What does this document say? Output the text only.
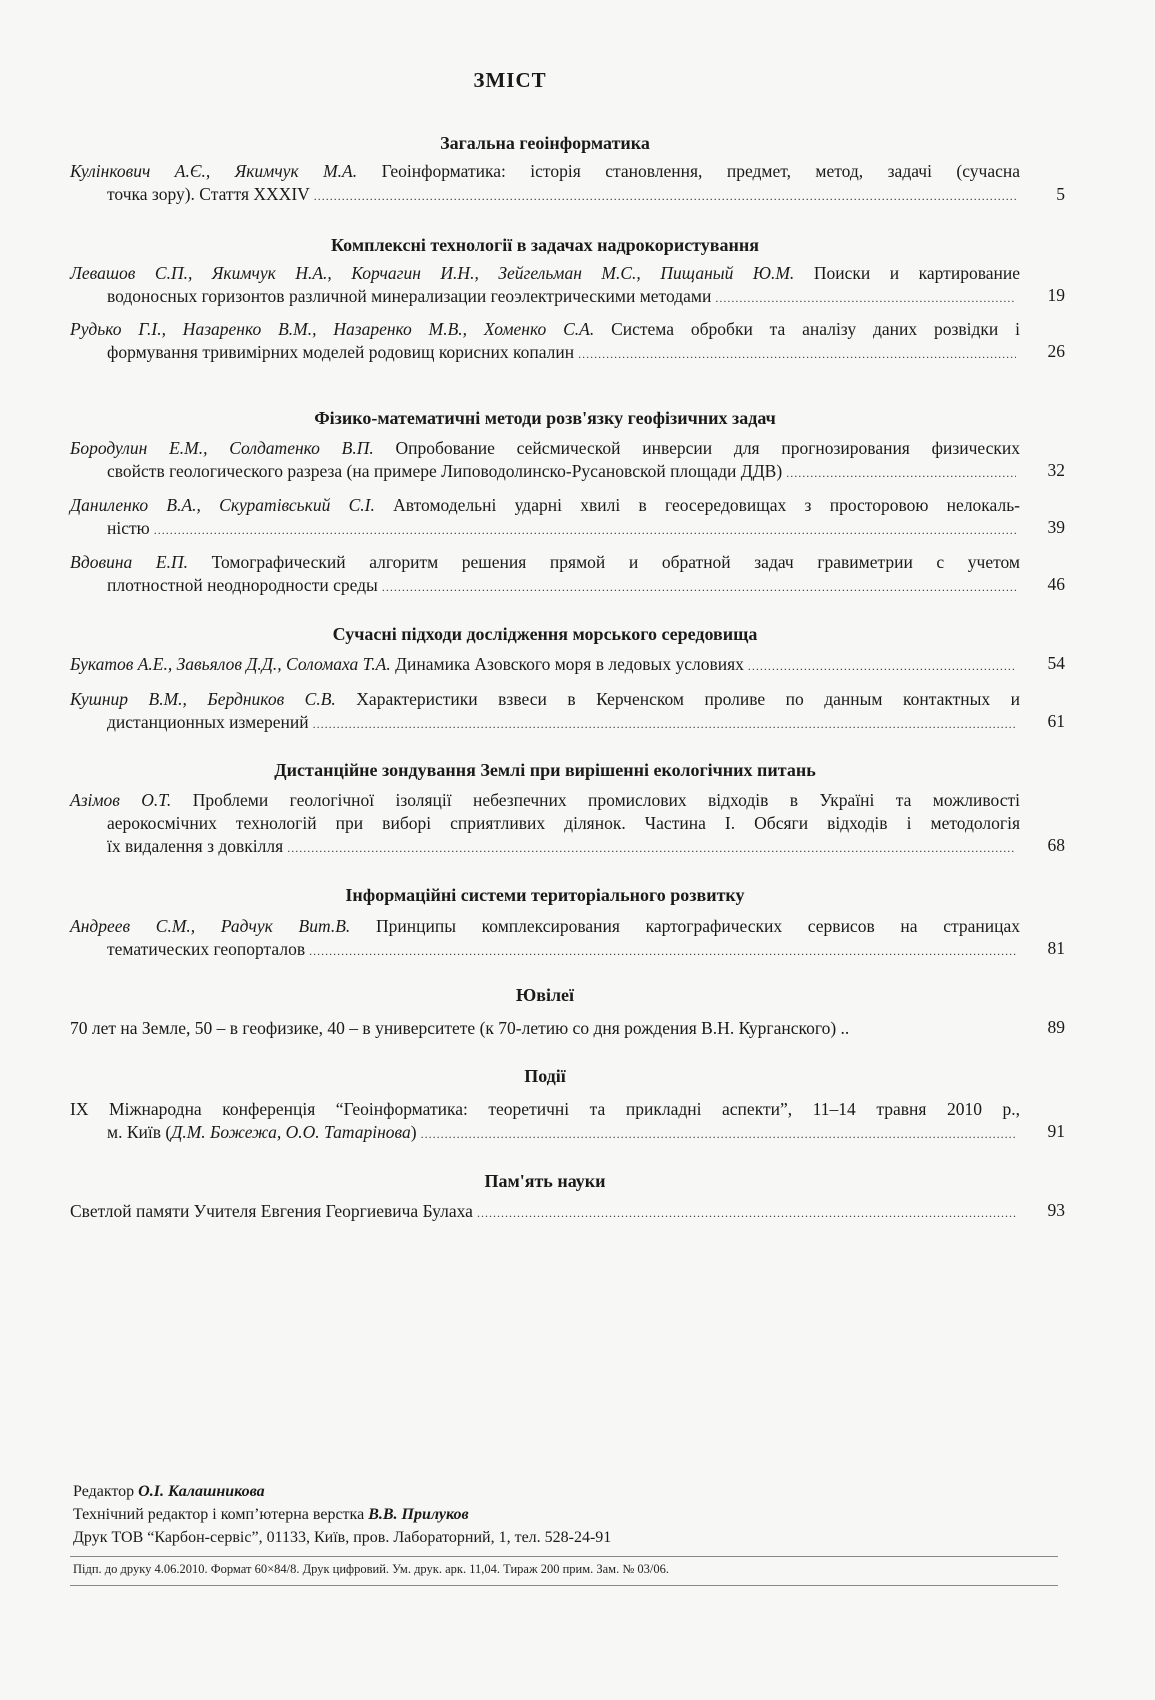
ЗМІСТ
Загальна геоінформатика
Кулінкович А.Є., Якимчук М.А. Геоінформатика: історія становлення, предмет, метод, задачі (сучасна
точка зору). Стаття XXXIV .....	5
Комплексні технології в задачах надрокористування
Левашов С.П., Якимчук Н.А., Корчагин И.Н., Зейгельман М.С., Пищаный Ю.М. Поиски и картирование
водоносных горизонтов различной минерализации геоэлектрическими методами .....	19
Рудько Г.І., Назаренко В.М., Назаренко М.В., Хоменко С.А. Система обробки та аналізу даних розвідки і
формування тривимірних моделей родовищ корисних копалин .....	26
Фізико-математичні методи розв'язку геофізичних задач
Бородулин Е.М., Солдатенко В.П. Опробование сейсмической инверсии для прогнозирования физических
свойств геологического разреза (на примере Липоводолинско-Русановской площади ДДВ) .....	32
Даниленко В.А., Скуратівський С.І. Автомодельні ударні хвилі в геосередовищах з просторовою нелокаль-
ністю .....	39
Вдовина Е.П. Томографический алгоритм решения прямой и обратной задач гравиметрии с учетом
плотностной неоднородности среды .....	46
Сучасні підходи дослідження морського середовища
Букатов А.Е., Завьялов Д.Д., Соломаха Т.А. Динамика Азовского моря в ледовых условиях .....	54
Кушнир В.М., Бердников С.В. Характеристики взвеси в Керченском проливе по данным контактных и
дистанционных измерений .....	61
Дистанційне зондування Землі при вирішенні екологічних питань
Азімов О.Т. Проблеми геологічної ізоляції небезпечних промислових відходів в Україні та можливості
аерокосмічних технологій при виборі сприятливих ділянок. Частина І. Обсяги відходів і методологія
їх видалення з довкілля .....	68
Інформаційні системи територіального розвитку
Андреев С.М., Радчук Вит.В. Принципы комплексирования картографических сервисов на страницах
тематических геопорталов .....	81
Ювілеї
70 лет на Земле, 50 – в геофизике, 40 – в университете (к 70-летию со дня рождения В.Н. Курганского) ..	89
Події
IX Міжнародна конференція “Геоінформатика: теоретичні та прикладні аспекти”, 11–14 травня 2010 р.,
м. Київ (Д.М. Божежа, О.О. Татарінова) .....	91
Пам'ять науки
Светлой памяти Учителя Евгения Георгиевича Булаха .....	93
Редактор О.І. Калашникова
Технічний редактор і комп’ютерна верстка В.В. Прилуков
Друк ТОВ “Карбон-сервіс”, 01133, Київ, пров. Лабораторний, 1, тел. 528-24-91
Підп. до друку 4.06.2010. Формат 60×84/8. Друк цифровий. Ум. друк. арк. 11,04. Тираж 200 прим. Зам. № 03/06.
